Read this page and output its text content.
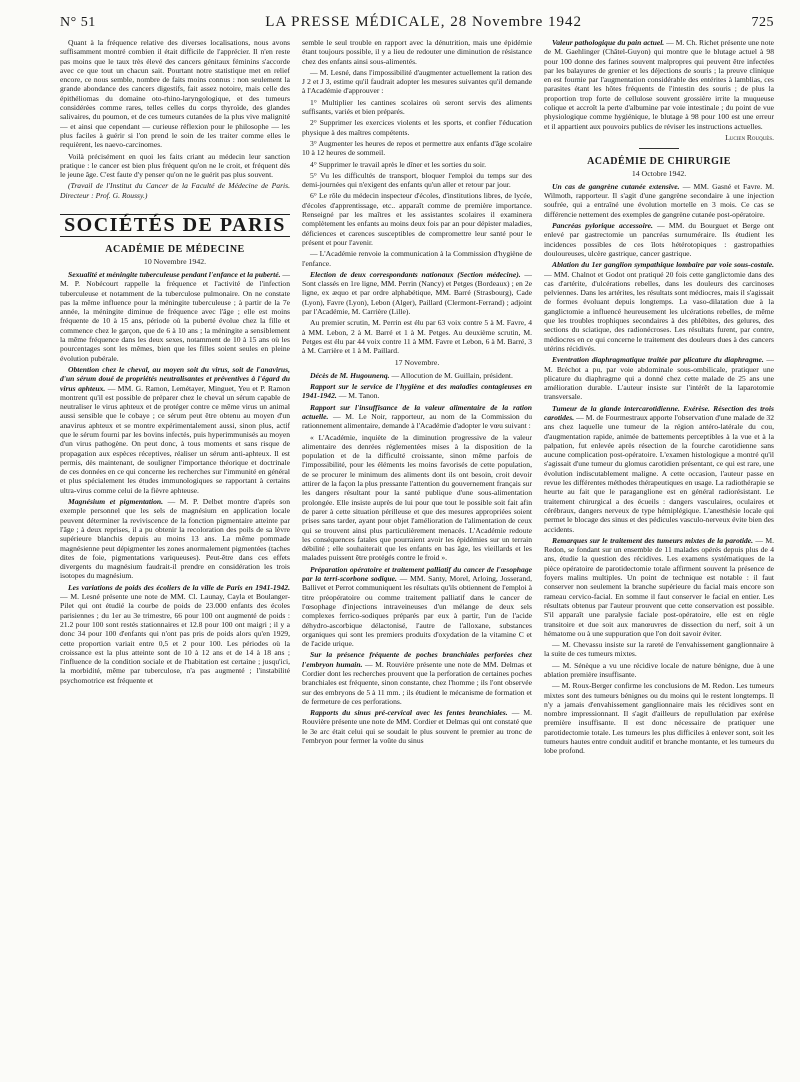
N° 51	LA PRESSE MÉDICALE, 28 Novembre 1942	725

Quant à la fréquence relative des diverses localisations, nous avons suffisamment montré combien il était difficile de l'apprécier. Il n'en reste pas moins que le taux très élevé des cancers génitaux féminins s'accorde avec ce que tout un chacun sait. Pourtant notre statistique met en relief encore, ce nous semble, nombre de faits moins connus : non seulement la grande abondance des cancers digestifs, fait assez notoire, mais celle des épithéliomas du domaine oto-rhino-laryngologique, et des tumeurs considérées comme rares, telles celles du corps thyroïde, des glandes salivaires, du poumon, et de ces tumeurs cutanées de la plus vive malignité — et ainsi que cependant — curieuse réflexion pour le philosophe — les plus faciles à guérir si l'on prend le soin de les traiter comme elles le requièrent, les naevo-carcinomes.

Voilà précisément en quoi les faits criant au médecin leur sanction pratique : le cancer est bien plus fréquent qu'on ne le croit, et fréquent dès le jeune âge. C'est faute d'y penser qu'on ne le guérit pas plus souvent.

(Travail de l'Institut du Cancer de la Faculté de Médecine de Paris. Directeur : Prof. G. Roussy.)

SOCIÉTÉS DE PARIS
ACADÉMIE DE MÉDECINE
10 Novembre 1942.

Sexualité et méningite tuberculeuse pendant l'enfance et la puberté. — M. P. Nobécourt rappelle la fréquence et l'activité de l'infection tuberculeuse et notamment de la tuberculose pulmonaire. On ne constate pas la même influence pour la méningite tuberculeuse ; à partir de la 7e année, la méningite diminue de fréquence avec l'âge ; elle est moins fréquente de 10 à 15 ans, période où la puberté évolue chez la fille et commence chez le garçon, que de 6 à 10 ans ; la méningite a sensiblement la même fréquence dans les deux sexes, notamment de 10 à 15 ans où les pourcentages sont les mêmes, bien que les filles soient seules en pleine évolution pubérale.

Obtention chez le cheval, au moyen soit du virus, soit de l'anavirus, d'un sérum doué de propriétés neutralisantes et préventives à l'égard du virus aphteux. — MM. G. Ramon, Lemétayer, Minguet, Yeu et P. Ramon montrent qu'il est possible de préparer chez le cheval un sérum capable de neutraliser le virus aphteux et de protéger contre ce même virus un animal aussi sensible que le cobaye ; ce sérum peut être obtenu au moyen d'un anavirus aphteux et se montre expérimentalement aussi, sinon plus, actif que le sérum fourni par les bovins infectés, puis hyperimmunisés au moyen d'un virus pathogène. On peut donc, à tous moments et sans risque de propagation aux espèces réceptives, réaliser un sérum anti-aphteux. Il est permis, dès maintenant, de souligner l'importance théorique et doctrinale de ces données en ce qui concerne les recherches sur l'immunité en général et plus spécialement les études immunologiques se rapportant à certains ultra-virus comme celui de la fièvre aphteuse.

Magnésium et pigmentation. — M. P. Delbet montre d'après son exemple personnel que les sels de magnésium en application locale peuvent déterminer la reviviscence de la fonction pigmentaire atteinte par l'âge ; à deux reprises, il a pu obtenir la recoloration des poils de sa lèvre supérieure blanchis depuis au moins 13 ans. La même pommade magnésienne peut dépigmenter les zones anormalement pigmentées (taches dites de foie, pigmentations variqueuses). Peut-être dans ces effets divergents du magnésium faudrait-il prendre en considération les trois isotopes du magnésium.

Les variations de poids des écoliers de la ville de Paris en 1941-1942. — M. Lesné présente une note de MM. Cl. Launay, Cayla et Boulanger-Pilet qui ont étudié la courbe de poids de 23.000 enfants des écoles parisiennes ; du 1er au 3e trimestre, 66 pour 100 ont augmenté de poids : 21.2 pour 100 sont restés stationnaires et 12.8 pour 100 ont maigri ; il y a donc 34 pour 100 d'enfants qui n'ont pas pris de poids alors qu'en 1929, cette proportion variait entre 0,5 et 2 pour 100. Les périodes où la croissance est la plus atteinte sont de 10 à 12 ans et de 14 à 18 ans ; l'influence de la condition sociale et de l'habitation est certaine ; jusqu'ici, la morbidité, même par tuberculose, n'a pas augmenté ; l'instabilité psychomotrice est fréquente et

semble le seul trouble en rapport avec la dénutrition, mais une épidémie étant toujours possible, il y a lieu de redouter une diminution de résistance chez des enfants ainsi sous-alimentés.

— M. Lesné, dans l'impossibilité d'augmenter actuellement la ration des J 2 et J 3, estime qu'il faudrait adopter les mesures suivantes qu'il demande à l'Académie d'approuver :

1° Multiplier les cantines scolaires où seront servis des aliments suffisants, variés et bien préparés.

2° Supprimer les exercices violents et les sports, et confier l'éducation physique à des maîtres compétents.

3° Augmenter les heures de repos et permettre aux enfants d'âge scolaire 10 à 12 heures de sommeil.

4° Supprimer le travail après le dîner et les sorties du soir.

5° Vu les difficultés de transport, bloquer l'emploi du temps sur des demi-journées qui n'exigent des enfants qu'un aller et retour par jour.

6° Le rôle du médecin inspecteur d'écoles, d'institutions libres, de lycée, d'écoles d'apprentissage, etc.. apparaît comme de première importance. Renseigné par les maîtres et les assistantes scolaires il examinera complètement les enfants au moins deux fois par an pour dépister maladies, déficiences et carences susceptibles de compromettre leur santé pour le présent et pour l'avenir.

— L'Académie renvoie la communication à la Commission d'hygiène de l'enfance.

Election de deux correspondants nationaux (Section médecine). — Sont classés en 1re ligne, MM. Perrin (Nancy) et Petges (Bordeaux) ; en 2e ligne, ex æquo et par ordre alphabétique, MM. Barré (Strasbourg), Cade (Lyon), Favre (Lyon), Lebon (Alger), Paillard (Clermont-Ferrand) ; adjoint par l'Académie, M. Carrière (Lille).

Au premier scrutin, M. Perrin est élu par 63 voix contre 5 à M. Favre, 4 à MM. Lebon, 2 à M. Barré et 1 à M. Petges. Au deuxième scrutin, M. Petges est élu par 44 voix contre 11 à MM. Favre et Lebon, 6 à M. Barré, 3 à M. Carrière et 1 à M. Paillard.

17 Novembre.

Décès de M. Hugounenq. — Allocution de M. Guillain, président.

Rapport sur le service de l'hygiène et des maladies contagieuses en 1941-1942. — M. Tanon.

Rapport sur l'insuffisance de la valeur alimentaire de la ration actuelle. — M. Le Noir, rapporteur, au nom de la Commission du rationnement alimentaire, demande à l'Académie d'adopter le vœu suivant :

« L'Académie, inquiète de la diminution progressive de la valeur alimentaire des denrées réglementées mises à la disposition de la population et de la difficulté croissante, sinon même parfois de l'impossibilité, pour les éléments les moins favorisés de cette population, de se procurer le minimum des aliments dont ils ont besoin, croit devoir attirer de la façon la plus pressante l'attention du gouvernement français sur les dangers résultant pour la santé publique d'une sous-alimentation prolongée. Elle insiste auprès de lui pour que tout le possible soit fait afin de parer à cette situation périlleuse et que des mesures appropriées soient prises sans tarder, ayant pour objet l'amélioration de l'alimentation de ceux qui se trouvent ainsi plus particulièrement menacés. L'Académie redoute les conséquences fatales que pourraient avoir les épidémies sur un terrain débilité ; elle souhaiterait que les enfants en bas âge, les vieillards et les malades puissent être protégés contre le froid ».

Préparation opératoire et traitement palliatif du cancer de l'œsophage par la terri-scorbone sodique. — MM. Santy, Morel, Arloing, Josserand, Ballivet et Perrot communiquent les résultats qu'ils obtiennent de l'emploi à titre préopératoire ou comme traitement palliatif dans le cancer de l'œsophage d'injections intraveineuses d'un mélange de deux sels complexes ferrico-sodiques préparés par eux à partir, l'un de l'acide déhydro-ascorbique délactonisé, l'autre de l'alloxane, substances organiques qui sont les premiers produits d'oxydation de la vitamine C et de l'acide urique.

Sur la présence fréquente de poches branchiales perforées chez l'embryon humain. — M. Rouvière présente une note de MM. Delmas et Cordier dont les recherches prouvent que la perforation de certaines poches branchiales est fréquente, sinon constante, chez l'homme ; ils l'ont observée sur des embryons de 5 à 11 mm. ; ils étudient le mécanisme de formation et de fermeture de ces perforations.

Rapports du sinus pré-cervical avec les fentes branchiales. — M. Rouvière présente une note de MM. Cordier et Delmas qui ont constaté que le 3e arc était celui qui se soudait le plus souvent le premier au tronc de l'embryon pour fermer la voûte du sinus

Valeur pathologique du pain actuel. — M. Ch. Richet présente une note de M. Gaehlinger (Châtel-Guyon) qui montre que le blutage actuel à 98 pour 100 donne des farines souvent malpropres qui peuvent être infectées par les balayures de grenier et les déjections de souris ; la preuve clinique en est fournie par l'augmentation considérable des entérites à lamblias, ces parasites étant les hôtes fréquents de l'intestin des souris ; de plus la proportion trop forte de cellulose souvent grossière irrite la muqueuse colique et accroît la perte d'albumine par voie intestinale ; du point de vue physiologique comme hygiénique, le blutage à 98 pour 100 est une erreur et il appartient aux pouvoirs publics de réviser les instructions actuelles.

Lucien Rouquès.
ACADÉMIE DE CHIRURGIE
14 Octobre 1942.

Un cas de gangrène cutanée extensive. — MM. Gasné et Favre. M. Wilmoth, rapporteur. Il s'agit d'une gangrène secondaire à une injection soufrée, qui a entraîné une évolution mortelle en 3 mois. Ce cas se différencie nettement des exemples de gangrène cutanée post-opératoire.

Pancréas pylorique accessoire. — MM. du Bourguet et Berge ont enlevé par gastrectomie un pancréas surnuméraire. Ils étudient les incidences possibles de ces îlots hétérotopiques : gastropathies douloureuses, ulcère gastrique, cancer gastrique.

Ablation du 1er ganglion sympathique lombaire par voie sous-costale. — MM. Chalnot et Godot ont pratiqué 20 fois cette ganglictomie dans des cas d'artérite, d'ulcérations rebelles, dans les douleurs des carcinoses pelviennes. Dans les artérites, les résultats sont médiocres, mais il s'agissait de formes évoluant depuis longtemps. La vaso-dilatation due à la ganglictomie a influencé heureusement les ulcérations rebelles, de même que les troubles trophiques secondaires à des phlébites, des gelures, des sections du sciatique, des radionécroses. Les résultats furent, par contre, médiocres en ce qui concerne le traitement des douleurs dues à des cancers utérins récidivés.

Eventration diaphragmatique traitée par plicature du diaphragme. — M. Bréchot a pu, par voie abdominale sous-ombilicale, pratiquer une plicature du diaphragme qui a donné chez cette malade de 25 ans une amélioration durable. L'auteur insiste sur l'intérêt de la laparotomie transversale.

Tumeur de la glande intercarotidienne. Exérèse. Résection des trois carotides. — M. de Fourmestraux apporte l'observation d'une malade de 32 ans chez laquelle une tumeur de la région antéro-latérale du cou, d'augmentation rapide, animée de battements perceptibles à la vue et à la palpation, fut enlevée après résection de la fourche carotidienne sans aucune complication post-opératoire. L'examen histologique a montré qu'il s'agissait d'une tumeur du glomus carotidien présentant, ce qui est rare, une évolution indiscutablement maligne. A cette occasion, l'auteur passe en revue les différentes méthodes thérapeutiques en usage. La radiothérapie se heurte au fait que le paraganglione est en général radiorésistant. Le traitement chirurgical a des écueils : dangers vasculaires, oculaires et cérébraux, dangers nerveux de type hémiplégique. L'anesthésie locale qui permet le blocage des sinus et des pédicules vasculo-nerveux évite bien des accidents.

Remarques sur le traitement des tumeurs mixtes de la parotide. — M. Redon, se fondant sur un ensemble de 11 malades opérés depuis plus de 4 ans, étudie la question des récidives. Les examens systématiques de la pièce opératoire de parotidectomie totale affirment souvent la présence de foyers malins multiples. Un point de technique est notable : il faut conserver non seulement la branche supérieure du facial mais encore son rameau cervico-facial. En somme il faut conserver le facial en entier. Les résultats obtenus par l'auteur prouvent que cette conservation est possible. S'il apparaît une paralysie faciale post-opératoire, elle est en règle transitoire et due soit aux manœuvres de dissection du nerf, soit à un hématome ou à une suppuration que l'on doit savoir éviter.

— M. Chevassu insiste sur la rareté de l'envahissement ganglionnaire à la suite de ces tumeurs mixtes.

— M. Sénèque a vu une récidive locale de nature bénigne, due à une ablation première insuffisante.

— M. Roux-Berger confirme les conclusions de M. Redon. Les tumeurs mixtes sont des tumeurs bénignes ou du moins qui le restent longtemps. Il n'y a jamais d'envahissement ganglionnaire mais les récidives sont en nombre impressionnant. Il s'agit d'ailleurs de repullulation par exérèse première insuffisante. Il est donc nécessaire de pratiquer une parotidectomie totale. Les tumeurs les plus difficiles à enlever sont, soit les tumeurs hautes entre conduit auditif et branche montante, et les tumeurs du lobe profond.
